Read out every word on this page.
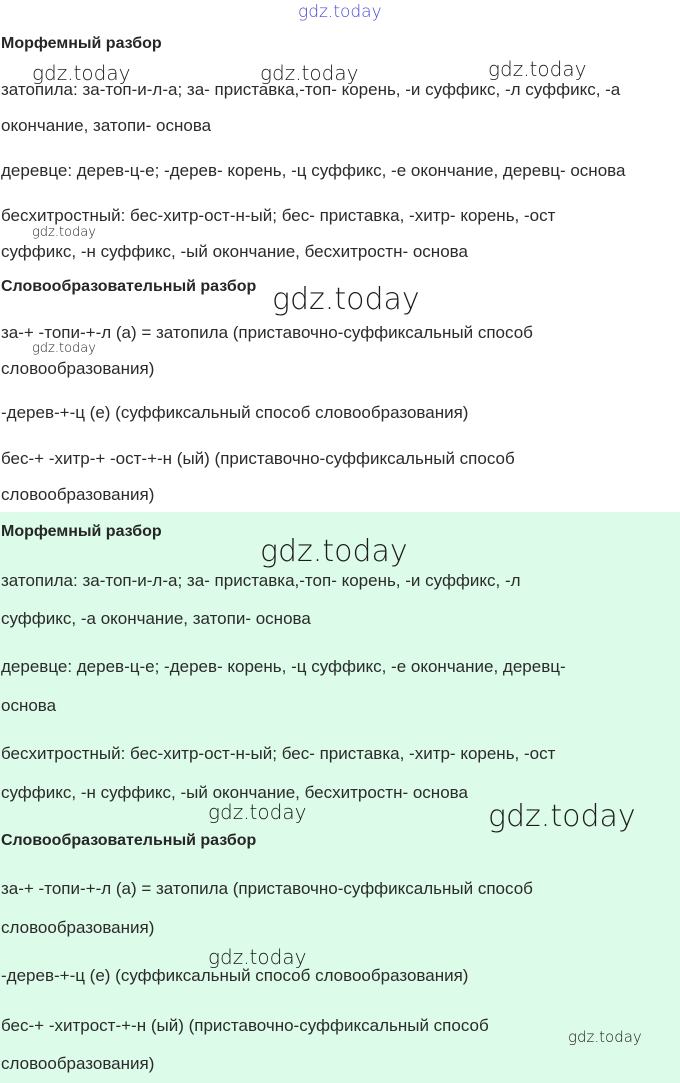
Морфемный разбор
затопила: за-топ-и-л-а; за- приставка,-топ- корень, -и суффикс, -л суффикс, -а
окончание, затопи- основа
деревце: дерев-ц-е; -дерев- корень, -ц суффикс, -е окончание, деревц- основа
бесхитростный: бес-хитр-ост-н-ый; бес- приставка, -хитр- корень, -ост
суффикс, -н суффикс, -ый окончание, бесхитростн- основа
Словообразовательный разбор
за-+ -топи-+-л (а) = затопила (приставочно-суффиксальный способ
словообразования)
-дерев-+-ц (е) (суффиксальный способ словообразования)
бес-+ -хитр-+ -ост-+-н (ый) (приставочно-суффиксальный способ
словообразования)
Морфемный разбор
затопила: за-топ-и-л-а; за- приставка,-топ- корень, -и суффикс, -л
суффикс, -а окончание, затопи- основа
деревце: дерев-ц-е; -дерев- корень, -ц суффикс, -е окончание, деревц-
основа
бесхитростный: бес-хитр-ост-н-ый; бес- приставка, -хитр- корень, -ост
суффикс, -н суффикс, -ый окончание, бесхитростн- основа
Словообразовательный разбор
за-+ -топи-+-л (а) = затопила (приставочно-суффиксальный способ
словообразования)
-дерев-+-ц (е) (суффиксальный способ словообразования)
бес-+ -хитрост-+-н (ый) (приставочно-суффиксальный способ
словообразования)
gdz.today
gdz.today	gdz.today	gdz.today
gdz.today
gdz.today
gdz.today
gdz.today
gdz.today	gdz.today
gdz.today
gdz.today
